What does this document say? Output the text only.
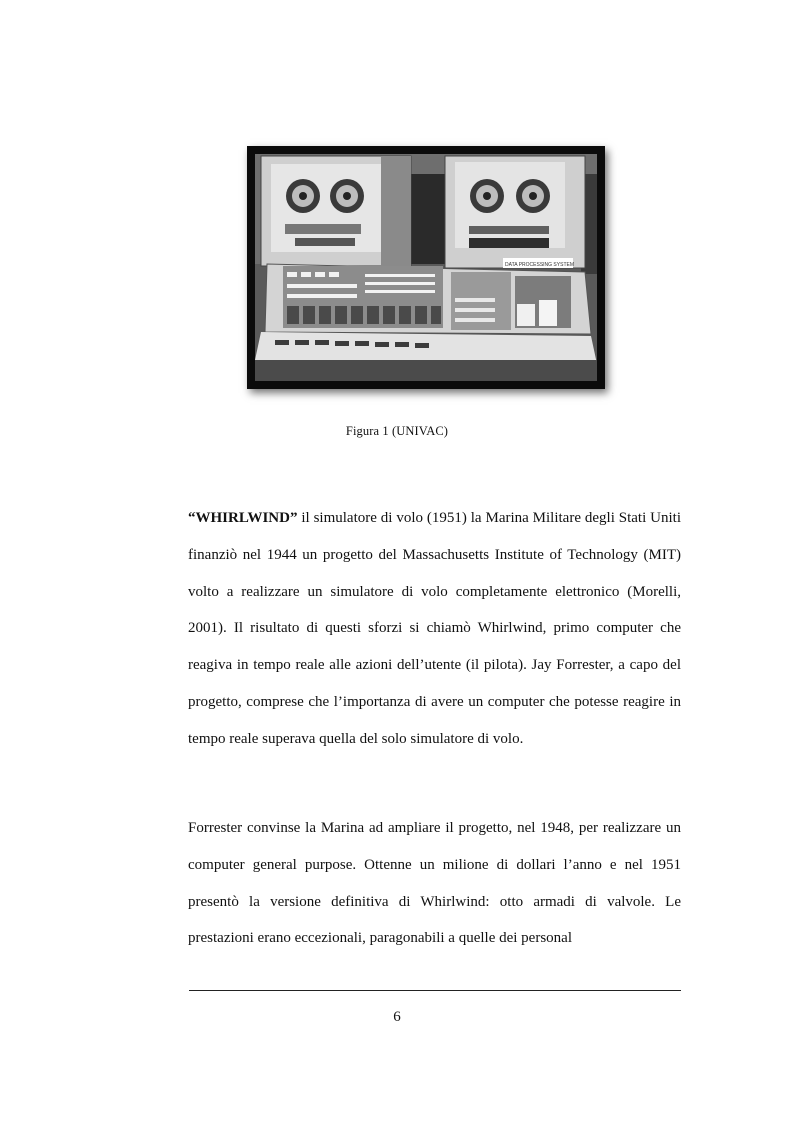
DATA PROCESSING SYSTEM
Figura 1 (UNIVAC)

“WHIRLWIND” il simulatore di volo (1951) la Marina Militare degli Stati Uniti finanziò nel 1944 un progetto del Massachusetts Institute of Technology (MIT) volto a realizzare un simulatore di volo completamente elettronico (Morelli, 2001). Il risultato di questi sforzi si chiamò Whirlwind, primo computer che reagiva in tempo reale alle azioni dell’utente (il pilota). Jay Forrester, a capo del progetto, comprese che l’importanza di avere un computer che potesse reagire in tempo reale superava quella del solo simulatore di volo.

Forrester convinse la Marina ad ampliare il progetto, nel 1948, per realizzare un computer general purpose. Ottenne un milione di dollari l’anno e nel 1951 presentò la versione definitiva di Whirlwind: otto armadi di valvole. Le prestazioni erano eccezionali, paragonabili a quelle dei personal

6
